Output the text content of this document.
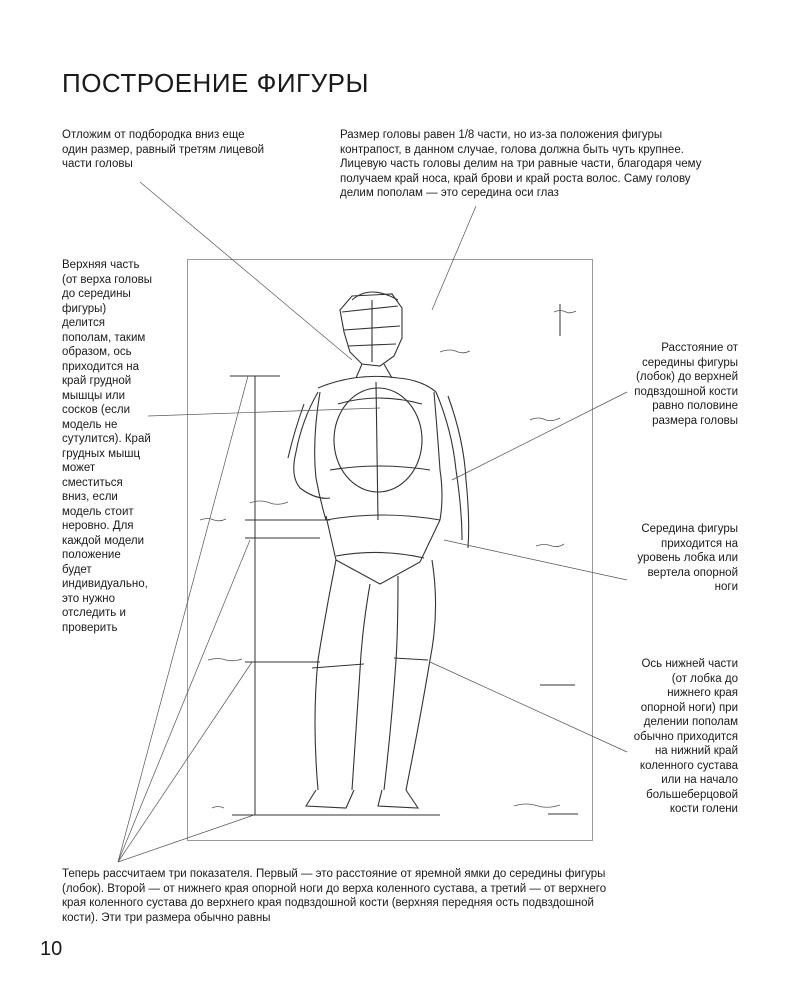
ПОСТРОЕНИЕ ФИГУРЫ

Отложим от подбородка вниз еще один размер, равный третям лицевой части головы

Размер головы равен 1/8 части, но из-за положения фигуры контрапост, в данном случае, голова должна быть чуть крупнее. Лицевую часть головы делим на три равные части, благодаря чему получаем край носа, край брови и край роста волос. Саму голову делим пополам — это середина оси глаз

Верхняя часть (от верха головы до середины фигуры) делится пополам, таким образом, ось приходится на край грудной мышцы или сосков (если модель не сутулится). Край грудных мышц может сместиться вниз, если модель стоит неровно. Для каждой модели положение будет индивидуально, это нужно отследить и проверить

Расстояние от середины фигуры (лобок) до верхней подвздошной кости равно половине размера головы

Середина фигуры приходится на уровень лобка или вертела опорной ноги

Ось нижней части (от лобка до нижнего края опорной ноги) при делении пополам обычно приходится на нижний край коленного сустава или на начало большеберцовой кости голени

Теперь рассчитаем три показателя. Первый — это расстояние от яремной ямки до середины фигуры (лобок). Второй — от нижнего края опорной ноги до верха коленного сустава, а третий — от верхнего края коленного сустава до верхнего края подвздошной кости (верхняя передняя ость подвздошной кости). Эти три размера обычно равны

10
